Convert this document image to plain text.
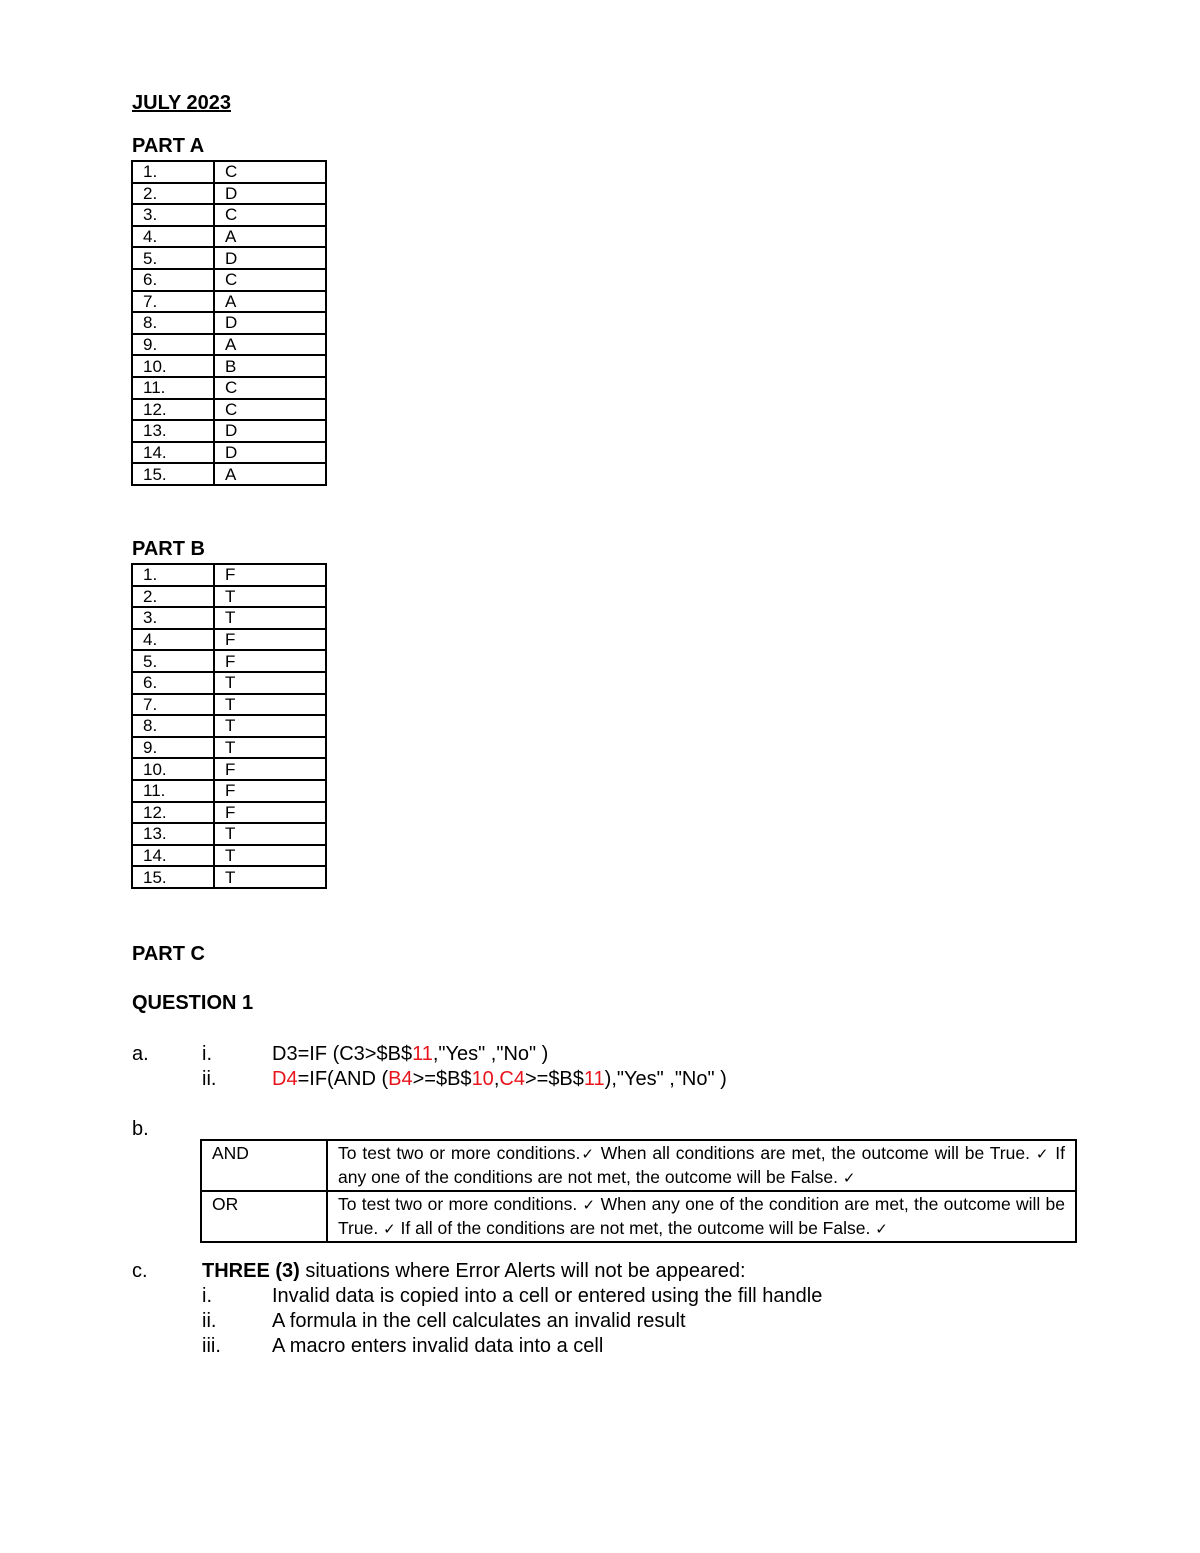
JULY 2023
PART A
1.	C
2.	D
3.	C
4.	A
5.	D
6.	C
7.	A
8.	D
9.	A
10.	B
11.	C
12.	C
13.	D
14.	D
15.	A
PART B
1.	F
2.	T
3.	T
4.	F
5.	F
6.	T
7.	T
8.	T
9.	T
10.	F
11.	F
12.	F
13.	T
14.	T
15.	T
PART C
QUESTION 1
a.	i.	D3=IF (C3>$B$11,"Yes" ,"No" )
ii.	D4=IF(AND (B4>=$B$10,C4>=$B$11),"Yes" ,"No" )
b.
AND	To test two or more conditions.✓ When all conditions are met, the outcome will be True. ✓ If any one of the conditions are not met, the outcome will be False. ✓
OR	To test two or more conditions. ✓ When any one of the condition are met, the outcome will be True. ✓ If all of the conditions are not met, the outcome will be False. ✓
c.	THREE (3) situations where Error Alerts will not be appeared:
i.	Invalid data is copied into a cell or entered using the fill handle
ii.	A formula in the cell calculates an invalid result
iii.	A macro enters invalid data into a cell
